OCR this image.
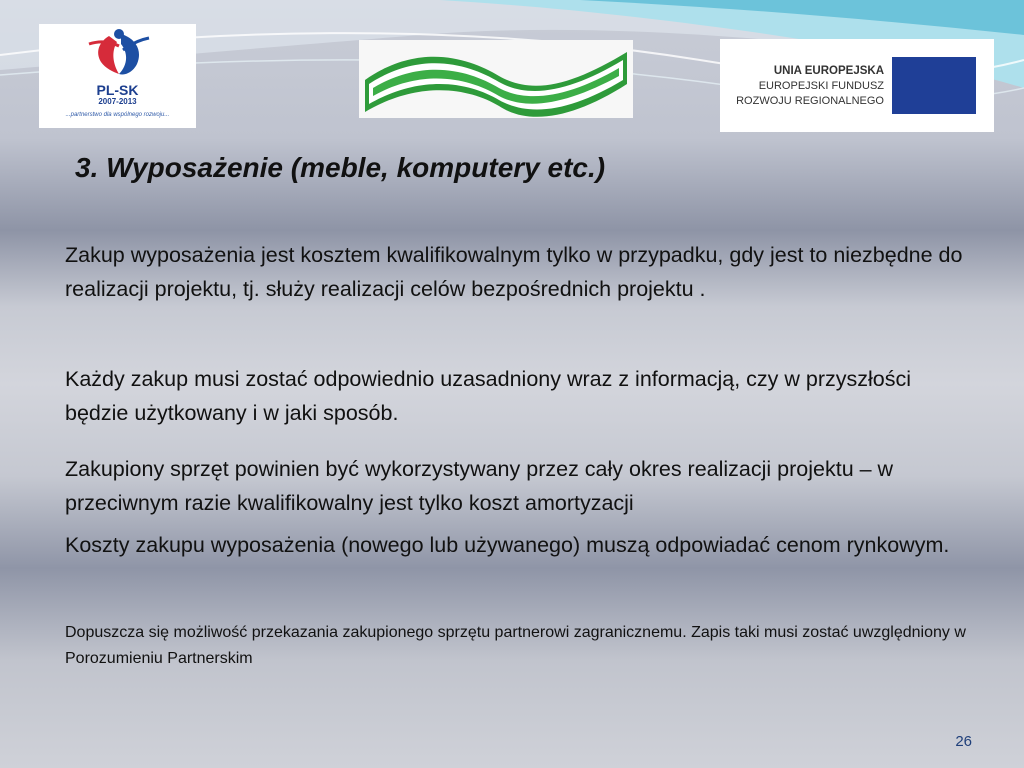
PL-SK
2007-2013
...partnerstwo dla wspólnego rozwoju...
UNIA EUROPEJSKA
EUROPEJSKI FUNDUSZ
ROZWOJU REGIONALNEGO
3. Wyposażenie (meble, komputery etc.)

Zakup wyposażenia jest kosztem kwalifikowalnym tylko w przypadku, gdy jest to niezbędne do realizacji projektu, tj. służy realizacji celów bezpośrednich projektu .

Każdy zakup musi zostać odpowiednio uzasadniony wraz z informacją, czy w przyszłości będzie użytkowany i w jaki sposób.

Zakupiony sprzęt powinien być wykorzystywany przez cały okres realizacji projektu – w przeciwnym razie kwalifikowalny jest tylko koszt amortyzacji

Koszty zakupu wyposażenia (nowego lub używanego) muszą odpowiadać cenom rynkowym.

Dopuszcza się możliwość przekazania zakupionego sprzętu partnerowi zagranicznemu. Zapis taki musi zostać uwzględniony w Porozumieniu Partnerskim

26
